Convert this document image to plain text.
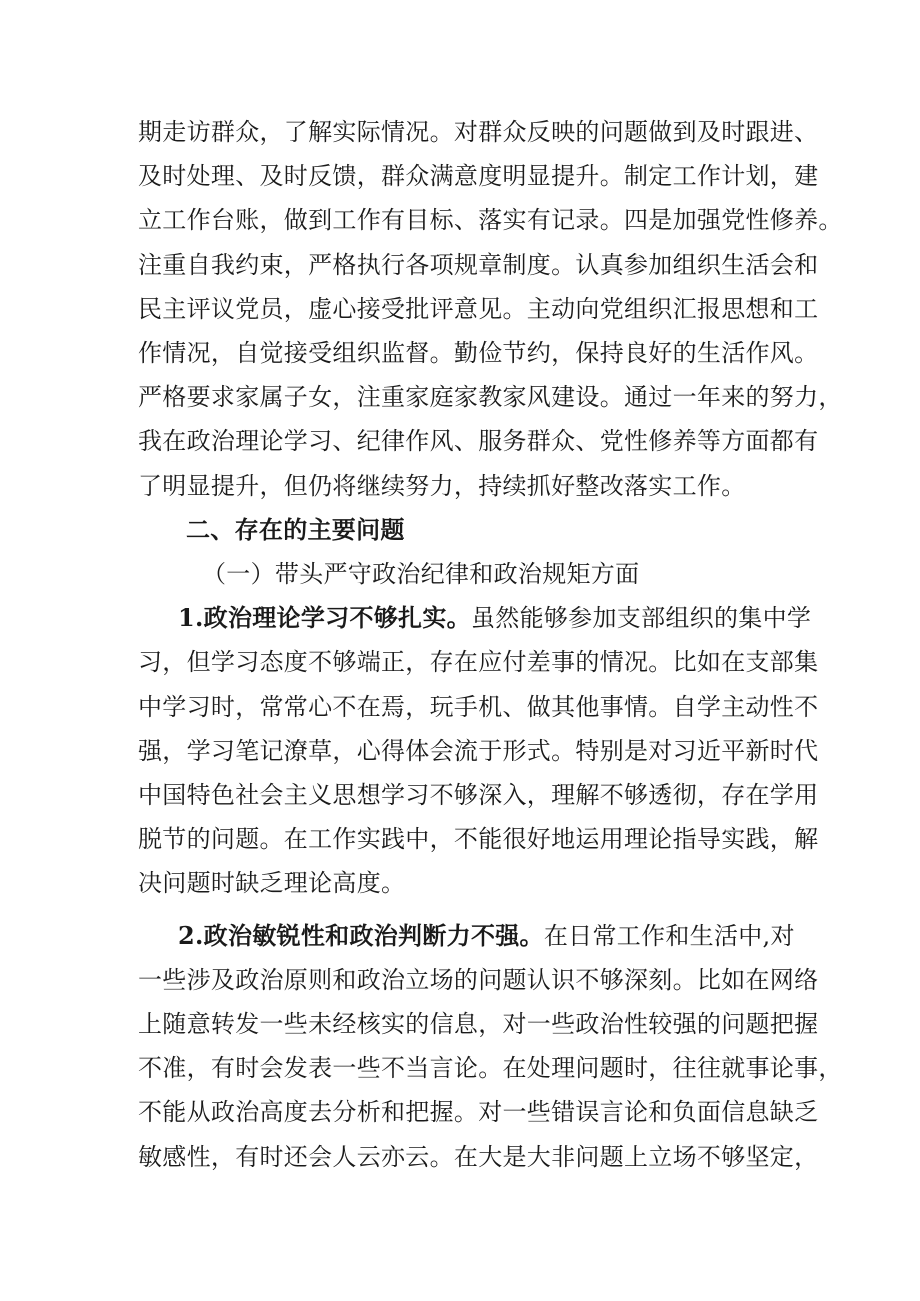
期走访群众，了解实际情况。对群众反映的问题做到及时跟进、
及时处理、及时反馈，群众满意度明显提升。制定工作计划，建
立工作台账，做到工作有目标、落实有记录。四是加强党性修养。
注重自我约束，严格执行各项规章制度。认真参加组织生活会和
民主评议党员，虚心接受批评意见。主动向党组织汇报思想和工
作情况，自觉接受组织监督。勤俭节约，保持良好的生活作风。
严格要求家属子女，注重家庭家教家风建设。通过一年来的努力，
我在政治理论学习、纪律作风、服务群众、党性修养等方面都有
了明显提升，但仍将继续努力，持续抓好整改落实工作。
二、存在的主要问题
（一）带头严守政治纪律和政治规矩方面
1.政治理论学习不够扎实。虽然能够参加支部组织的集中学
习，但学习态度不够端正，存在应付差事的情况。比如在支部集
中学习时，常常心不在焉，玩手机、做其他事情。自学主动性不
强，学习笔记潦草，心得体会流于形式。特别是对习近平新时代
中国特色社会主义思想学习不够深入，理解不够透彻，存在学用
脱节的问题。在工作实践中，不能很好地运用理论指导实践，解
决问题时缺乏理论高度。
2.政治敏锐性和政治判断力不强。在日常工作和生活中,对
一些涉及政治原则和政治立场的问题认识不够深刻。比如在网络
上随意转发一些未经核实的信息，对一些政治性较强的问题把握
不准，有时会发表一些不当言论。在处理问题时，往往就事论事，
不能从政治高度去分析和把握。对一些错误言论和负面信息缺乏
敏感性，有时还会人云亦云。在大是大非问题上立场不够坚定，
